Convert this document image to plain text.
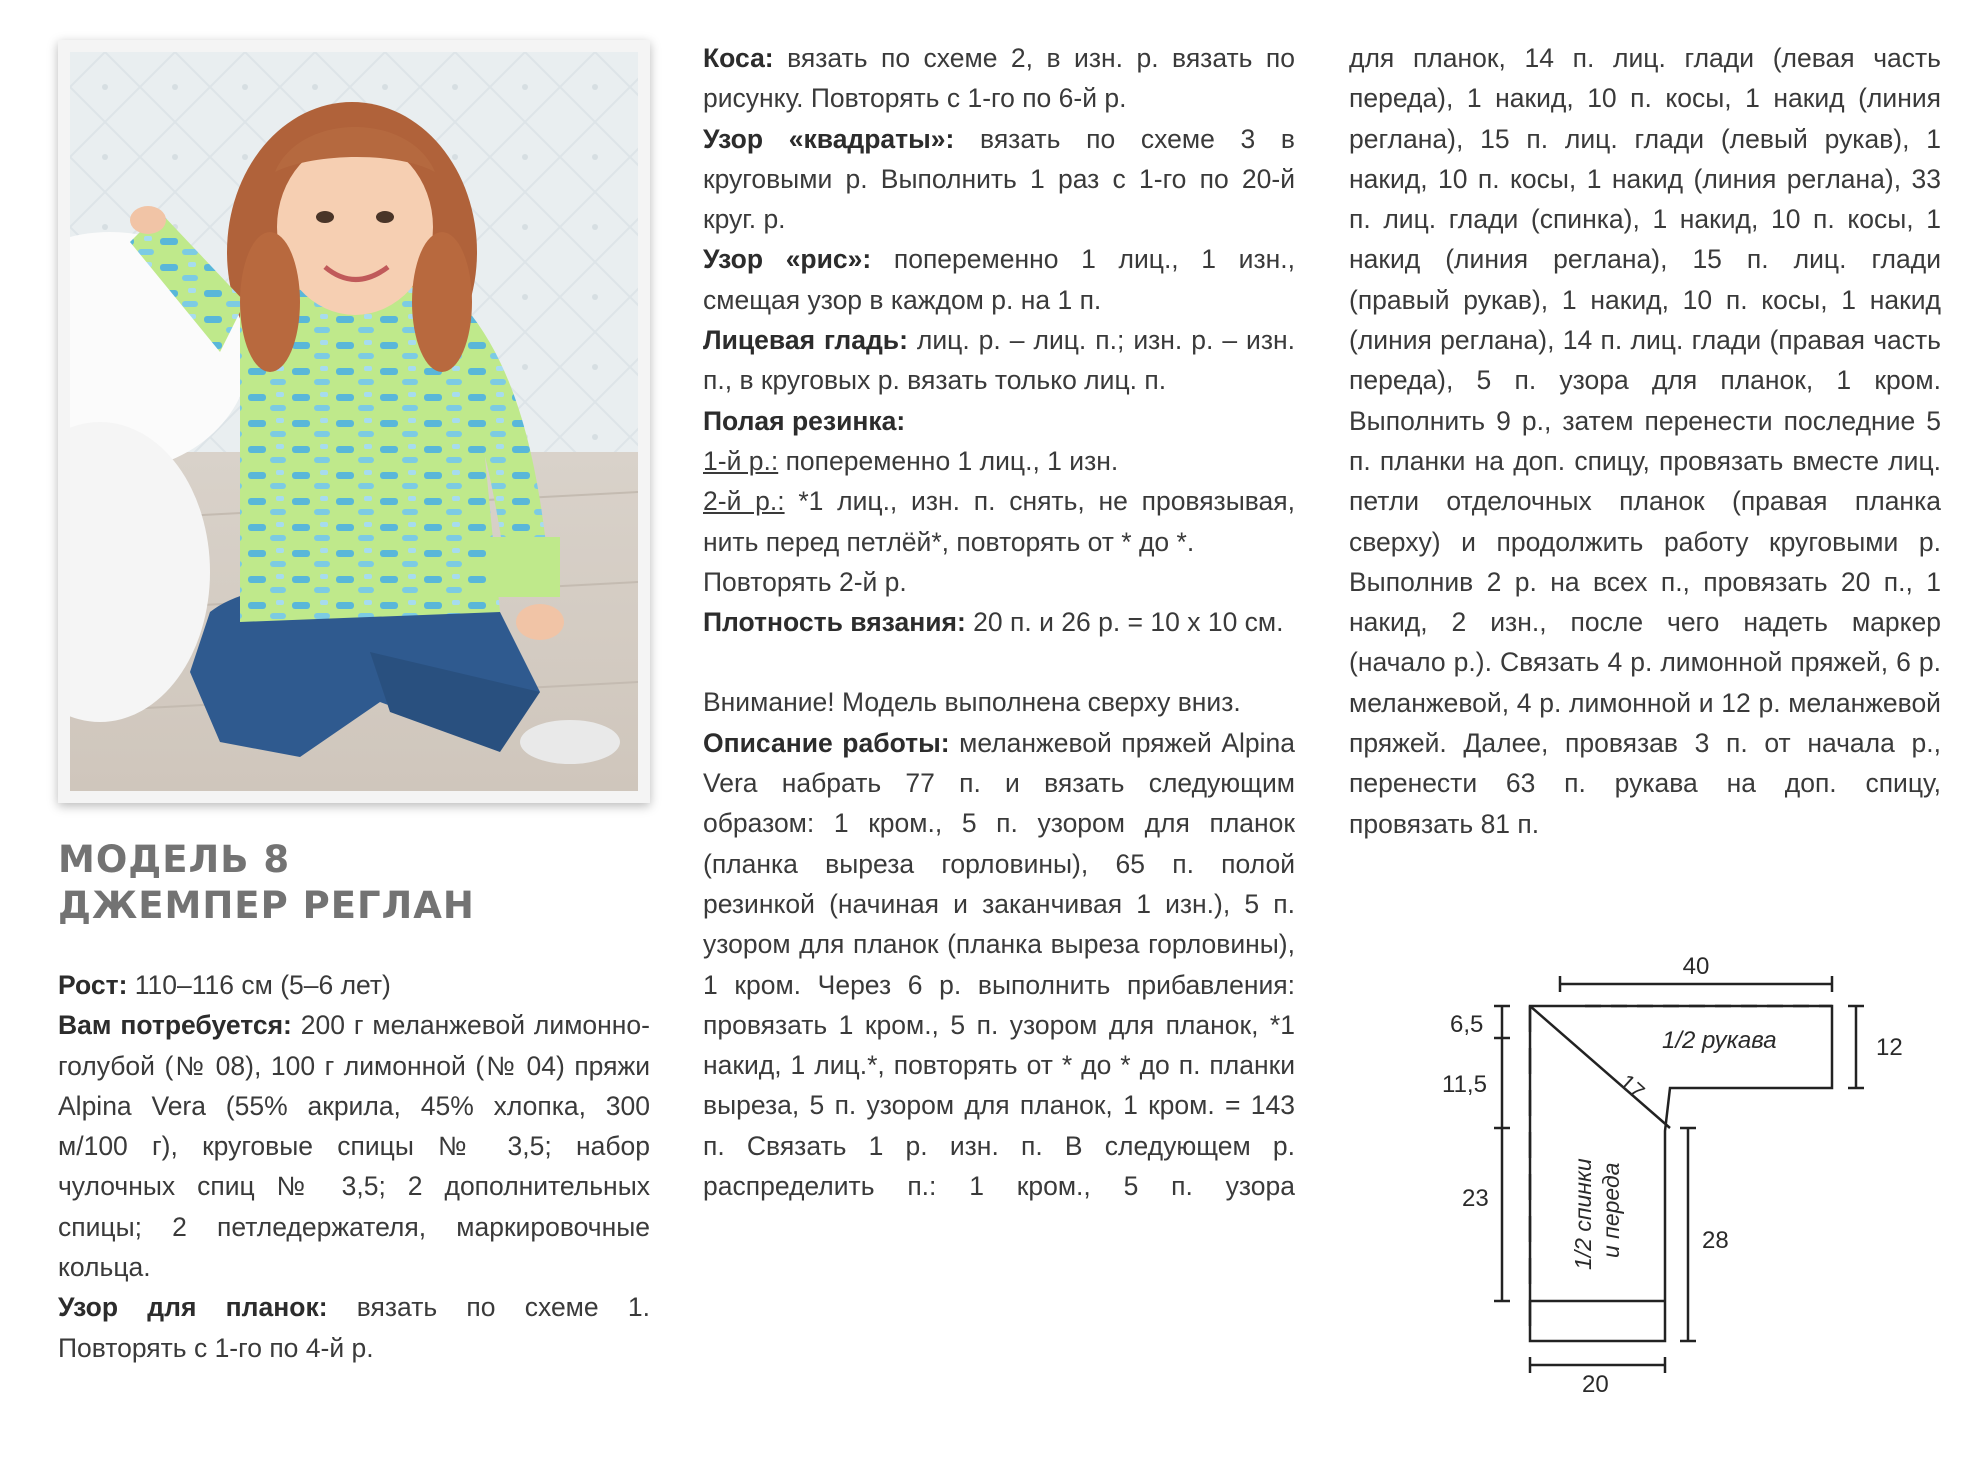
МОДЕЛЬ 8
ДЖЕМПЕР РЕГЛАН

Рост: 110–116 см (5–6 лет)

Вам потребуется: 200 г меланжевой лимонно-голубой (№ 08), 100 г лимонной (№ 04) пряжи Alpina Vera (55% акрила, 45% хлопка, 300 м/100 г), круговые спицы № 3,5; набор чулочных спиц № 3,5; 2 дополнительных спицы; 2 петледержателя, маркировочные кольца.

Узор для планок: вязать по схеме 1. Повторять с 1-го по 4-й р.

Коса: вязать по схеме 2, в изн. р. вязать по рисунку. Повторять с 1-го по 6-й р.

Узор «квадраты»: вязать по схеме 3 в круговыми р. Выполнить 1 раз с 1-го по 20-й круг. р.

Узор «рис»: попеременно 1 лиц., 1 изн., смещая узор в каждом р. на 1 п.

Лицевая гладь: лиц. р. – лиц. п.; изн. р. – изн. п., в круговых р. вязать только лиц. п.

Полая резинка:

1-й р.: попеременно 1 лиц., 1 изн.

2-й р.: *1 лиц., изн. п. снять, не провязывая, нить перед петлёй*, повторять от * до *.

Повторять 2-й р.

Плотность вязания: 20 п. и 26 р. = 10 х 10 см.

Внимание! Модель выполнена сверху вниз.

Описание работы: меланжевой пряжей Alpina Vera набрать 77 п. и вязать следующим образом: 1 кром., 5 п. узором для планок (планка выреза горловины), 65 п. полой резинкой (начиная и заканчивая 1 изн.), 5 п. узором для планок (планка выреза горловины), 1 кром. Через 6 р. выполнить прибавления: провязать 1 кром., 5 п. узором для планок, *1 накид, 1 лиц.*, повторять от * до * до п. планки выреза, 5 п. узором для планок, 1 кром. = 143 п. Связать 1 р. изн. п. В следующем р. распределить п.: 1 кром., 5 п. узора

для планок, 14 п. лиц. глади (левая часть переда), 1 накид, 10 п. косы, 1 накид (линия реглана), 15 п. лиц. глади (левый рукав), 1 накид, 10 п. косы, 1 накид (линия реглана), 33 п. лиц. глади (спинка), 1 накид, 10 п. косы, 1 накид (линия реглана), 15 п. лиц. глади (правый рукав), 1 накид, 10 п. косы, 1 накид (линия реглана), 14 п. лиц. глади (правая часть переда), 5 п. узора для планок, 1 кром. Выполнить 9 р., затем перенести последние 5 п. планки на доп. спицу, провязать вместе лиц. петли отделочных планок (правая планка сверху) и продолжить работу круговыми р. Выполнив 2 р. на всех п., провязать 20 п., 1 накид, 2 изн., после чего надеть маркер (начало р.). Связать 4 р. лимонной пряжей, 6 р. меланжевой, 4 р. лимонной и 12 р. меланжевой пряжей. Далее, провязав 3 п. от начала р., перенести 63 п. рукава на доп. спицу, провязать 81 п.

40
12
6,5
11,5
23
28
20
17
1/2 рукава
1/2 спинки и переда
